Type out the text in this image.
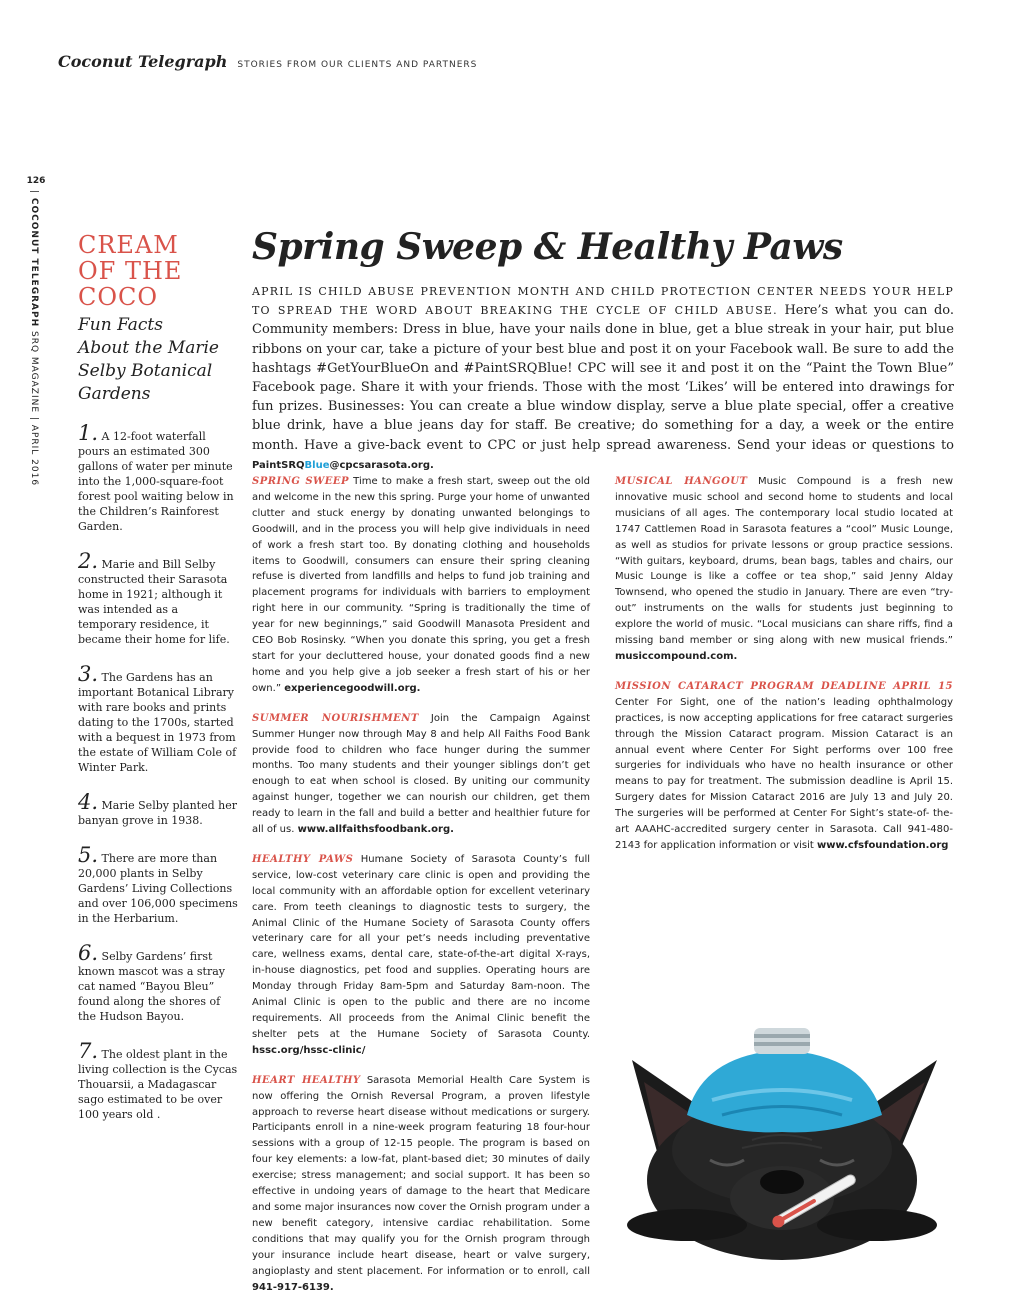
Coconut Telegraph STORIES FROM OUR CLIENTS AND PARTNERS
126
| COCONUT TELEGRAPH SRQ MAGAZINE | APRIL 2016
CREAM
OF THE
COCO
Fun Facts
About the Marie
Selby Botanical
Gardens
1. A 12-foot waterfall pours an estimated 300 gallons of water per minute into the 1,000-square-foot forest pool waiting below in the Children’s Rainforest Garden.
2. Marie and Bill Selby constructed their Sarasota home in 1921; although it was intended as a temporary residence, it became their home for life.
3. The Gardens has an important Botanical Library with rare books and prints dating to the 1700s, started with a bequest in 1973 from the estate of William Cole of Winter Park.
4. Marie Selby planted her banyan grove in 1938.
5. There are more than 20,000 plants in Selby Gardens’ Living Collections and over 106,000 specimens in the Herbarium.
6. Selby Gardens’ first known mascot was a stray cat named “Bayou Bleu” found along the shores of the Hudson Bayou.
7. The oldest plant in the living collection is the Cycas Thouarsii, a Madagascar sago estimated to be over 100 years old .
Spring Sweep & Healthy Paws
APRIL IS CHILD ABUSE PREVENTION MONTH AND CHILD PROTECTION CENTER NEEDS YOUR HELP TO SPREAD THE WORD ABOUT BREAKING THE CYCLE OF CHILD ABUSE. Here’s what you can do. Community members: Dress in blue, have your nails done in blue, get a blue streak in your hair, put blue ribbons on your car, take a picture of your best blue and post it on your Facebook wall. Be sure to add the hashtags #GetYourBlueOn and #PaintSRQBlue! CPC will see it and post it on the “Paint the Town Blue” Facebook page. Share it with your friends. Those with the most ‘Likes’ will be entered into drawings for fun prizes. Businesses: You can create a blue window display, serve a blue plate special, offer a creative blue drink, have a blue jeans day for staff. Be creative; do something for a day, a week or the entire month. Have a give-back event to CPC or just help spread awareness. Send your ideas or questions to PaintSRQBlue@cpcsarasota.org.

SPRING SWEEP Time to make a fresh start, sweep out the old and welcome in the new this spring. Purge your home of unwanted clutter and stuck energy by donating unwanted belongings to Goodwill, and in the process you will help give individuals in need of work a fresh start too. By donating clothing and households items to Goodwill, consumers can ensure their spring cleaning refuse is diverted from landfills and helps to fund job training and placement programs for individuals with barriers to employment right here in our community. “Spring is traditionally the time of year for new beginnings,” said Goodwill Manasota President and CEO Bob Rosinsky. “When you donate this spring, you get a fresh start for your decluttered house, your donated goods find a new home and you help give a job seeker a fresh start of his or her own.” experiencegoodwill.org.

SUMMER NOURISHMENT Join the Campaign Against Summer Hunger now through May 8 and help All Faiths Food Bank provide food to children who face hunger during the summer months. Too many students and their younger siblings don’t get enough to eat when school is closed. By uniting our community against hunger, together we can nourish our children, get them ready to learn in the fall and build a better and healthier future for all of us. www.allfaithsfoodbank.org.

HEALTHY PAWS Humane Society of Sarasota County’s full service, low-cost veterinary care clinic is open and providing the local community with an affordable option for excellent veterinary care. From teeth cleanings to diagnostic tests to surgery, the Animal Clinic of the Humane Society of Sarasota County offers veterinary care for all your pet’s needs including preventative care, wellness exams, dental care, state-of-the-art digital X-rays, in-house diagnostics, pet food and supplies. Operating hours are Monday through Friday 8am-5pm and Saturday 8am-noon. The Animal Clinic is open to the public and there are no income requirements. All proceeds from the Animal Clinic benefit the shelter pets at the Humane Society of Sarasota County. hssc.org/hssc-clinic/

HEART HEALTHY Sarasota Memorial Health Care System is now offering the Ornish Reversal Program, a proven lifestyle approach to reverse heart disease without medications or surgery. Participants enroll in a nine-week program featuring 18 four-hour sessions with a group of 12-15 people. The program is based on four key elements: a low-fat, plant-based diet; 30 minutes of daily exercise; stress management; and social support. It has been so effective in undoing years of damage to the heart that Medicare and some major insurances now cover the Ornish program under a new benefit category, intensive cardiac rehabilitation. Some conditions that may qualify you for the Ornish program through your insurance include heart disease, heart or valve surgery, angioplasty and stent placement. For information or to enroll, call 941-917-6139.

MUSICAL HANGOUT Music Compound is a fresh new innovative music school and second home to students and local musicians of all ages. The contemporary local studio located at 1747 Cattlemen Road in Sarasota features a “cool” Music Lounge, as well as studios for private lessons or group practice sessions. “With guitars, keyboard, drums, bean bags, tables and chairs, our Music Lounge is like a coffee or tea shop,” said Jenny Alday Townsend, who opened the studio in January. There are even “try-out” instruments on the walls for students just beginning to explore the world of music. “Local musicians can share riffs, find a missing band member or sing along with new musical friends.” musiccompound.com.

MISSION CATARACT PROGRAM DEADLINE APRIL 15 Center For Sight, one of the nation’s leading ophthalmology practices, is now accepting applications for free cataract surgeries through the Mission Cataract program. Mission Cataract is an annual event where Center For Sight performs over 100 free surgeries for individuals who have no health insurance or other means to pay for treatment. The submission deadline is April 15. Surgery dates for Mission Cataract 2016 are July 13 and July 20. The surgeries will be performed at Center For Sight’s state-of- the-art AAAHC-accredited surgery center in Sarasota. Call 941-480-2143 for application information or visit www.cfsfoundation.org
